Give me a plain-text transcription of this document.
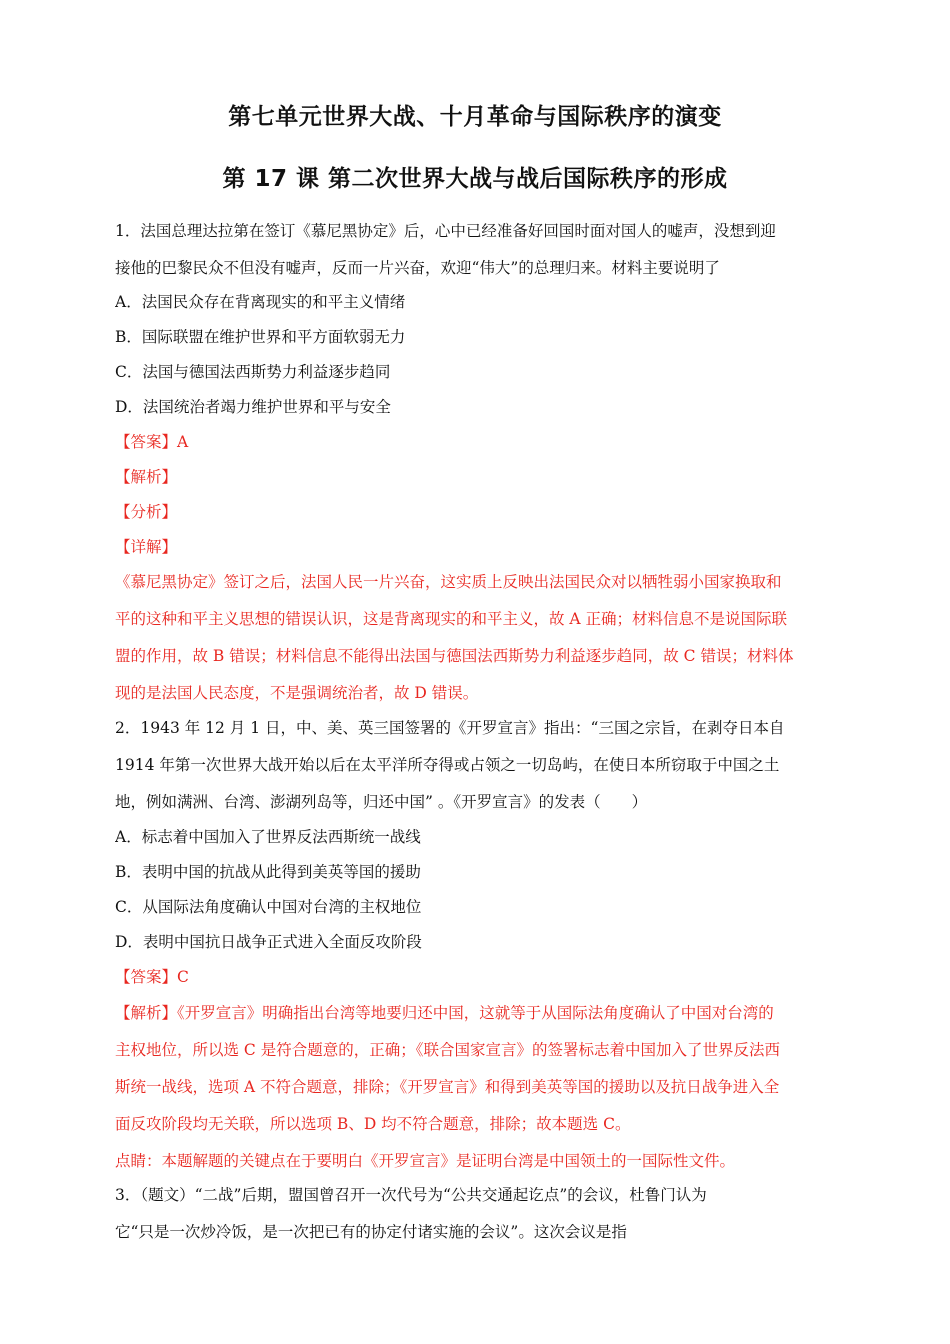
第七单元世界大战、十月革命与国际秩序的演变
第 17 课 第二次世界大战与战后国际秩序的形成
1．法国总理达拉第在签订《慕尼黑协定》后，心中已经准备好回国时面对国人的嘘声，没想到迎
接他的巴黎民众不但没有嘘声，反而一片兴奋，欢迎“伟大”的总理归来。材料主要说明了
A．法国民众存在背离现实的和平主义情绪
B．国际联盟在维护世界和平方面软弱无力
C．法国与德国法西斯势力利益逐步趋同
D．法国统治者竭力维护世界和平与安全
【答案】A
【解析】
【分析】
【详解】
《慕尼黑协定》签订之后，法国人民一片兴奋，这实质上反映出法国民众对以牺牲弱小国家换取和
平的这种和平主义思想的错误认识，这是背离现实的和平主义，故 A 正确；材料信息不是说国际联
盟的作用，故 B 错误；材料信息不能得出法国与德国法西斯势力利益逐步趋同，故 C 错误；材料体
现的是法国人民态度，不是强调统治者，故 D 错误。
2．1943 年 12 月 1 日，中、美、英三国签署的《开罗宣言》指出：“三国之宗旨，在剥夺日本自
1914 年第一次世界大战开始以后在太平洋所夺得或占领之一切岛屿，在使日本所窃取于中国之土
地，例如满洲、台湾、澎湖列岛等，归还中国” 。《开罗宣言》的发表（　　）
A．标志着中国加入了世界反法西斯统一战线
B．表明中国的抗战从此得到美英等国的援助
C．从国际法角度确认中国对台湾的主权地位
D．表明中国抗日战争正式进入全面反攻阶段
【答案】C
【解析】《开罗宣言》明确指出台湾等地要归还中国，这就等于从国际法角度确认了中国对台湾的
主权地位，所以选 C 是符合题意的，正确；《联合国家宣言》的签署标志着中国加入了世界反法西
斯统一战线，选项 A 不符合题意，排除；《开罗宣言》和得到美英等国的援助以及抗日战争进入全
面反攻阶段均无关联，所以选项 B、D 均不符合题意，排除；故本题选 C。
点睛：本题解题的关键点在于要明白《开罗宣言》是证明台湾是中国领土的一国际性文件。
3．（题文）“二战”后期，盟国曾召开一次代号为“公共交通起讫点”的会议，杜鲁门认为
它“只是一次炒冷饭，是一次把已有的协定付诸实施的会议”。这次会议是指
